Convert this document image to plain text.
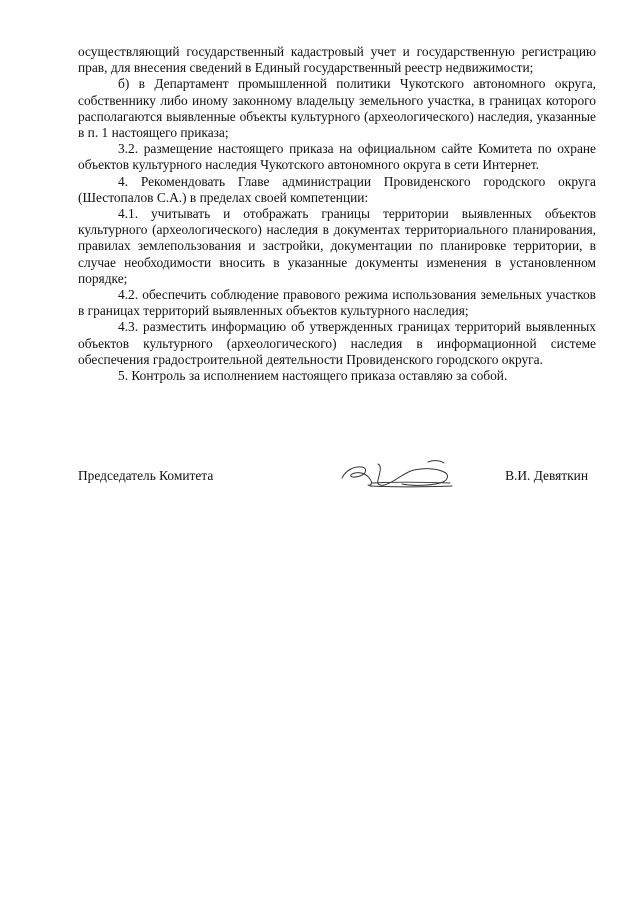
осуществляющий государственный кадастровый учет и государственную регистрацию прав, для внесения сведений в Единый государственный реестр недвижимости;

б) в Департамент промышленной политики Чукотского автономного округа, собственнику либо иному законному владельцу земельного участка, в границах которого располагаются выявленные объекты культурного (археологического) наследия, указанные в п. 1 настоящего приказа;

3.2. размещение настоящего приказа на официальном сайте Комитета по охране объектов культурного наследия Чукотского автономного округа в сети Интернет.

4. Рекомендовать Главе администрации Провиденского городского округа (Шестопалов С.А.) в пределах своей компетенции:

4.1. учитывать и отображать границы территории выявленных объектов культурного (археологического) наследия в документах территориального планирования, правилах землепользования и застройки, документации по планировке территории, в случае необходимости вносить в указанные документы изменения в установленном порядке;

4.2. обеспечить соблюдение правового режима использования земельных участков в границах территорий выявленных объектов культурного наследия;

4.3. разместить информацию об утвержденных границах территорий выявленных объектов культурного (археологического) наследия в информационной системе обеспечения градостроительной деятельности Провиденского городского округа.

5. Контроль за исполнением настоящего приказа оставляю за собой.

Председатель Комитета	В.И. Девяткин
